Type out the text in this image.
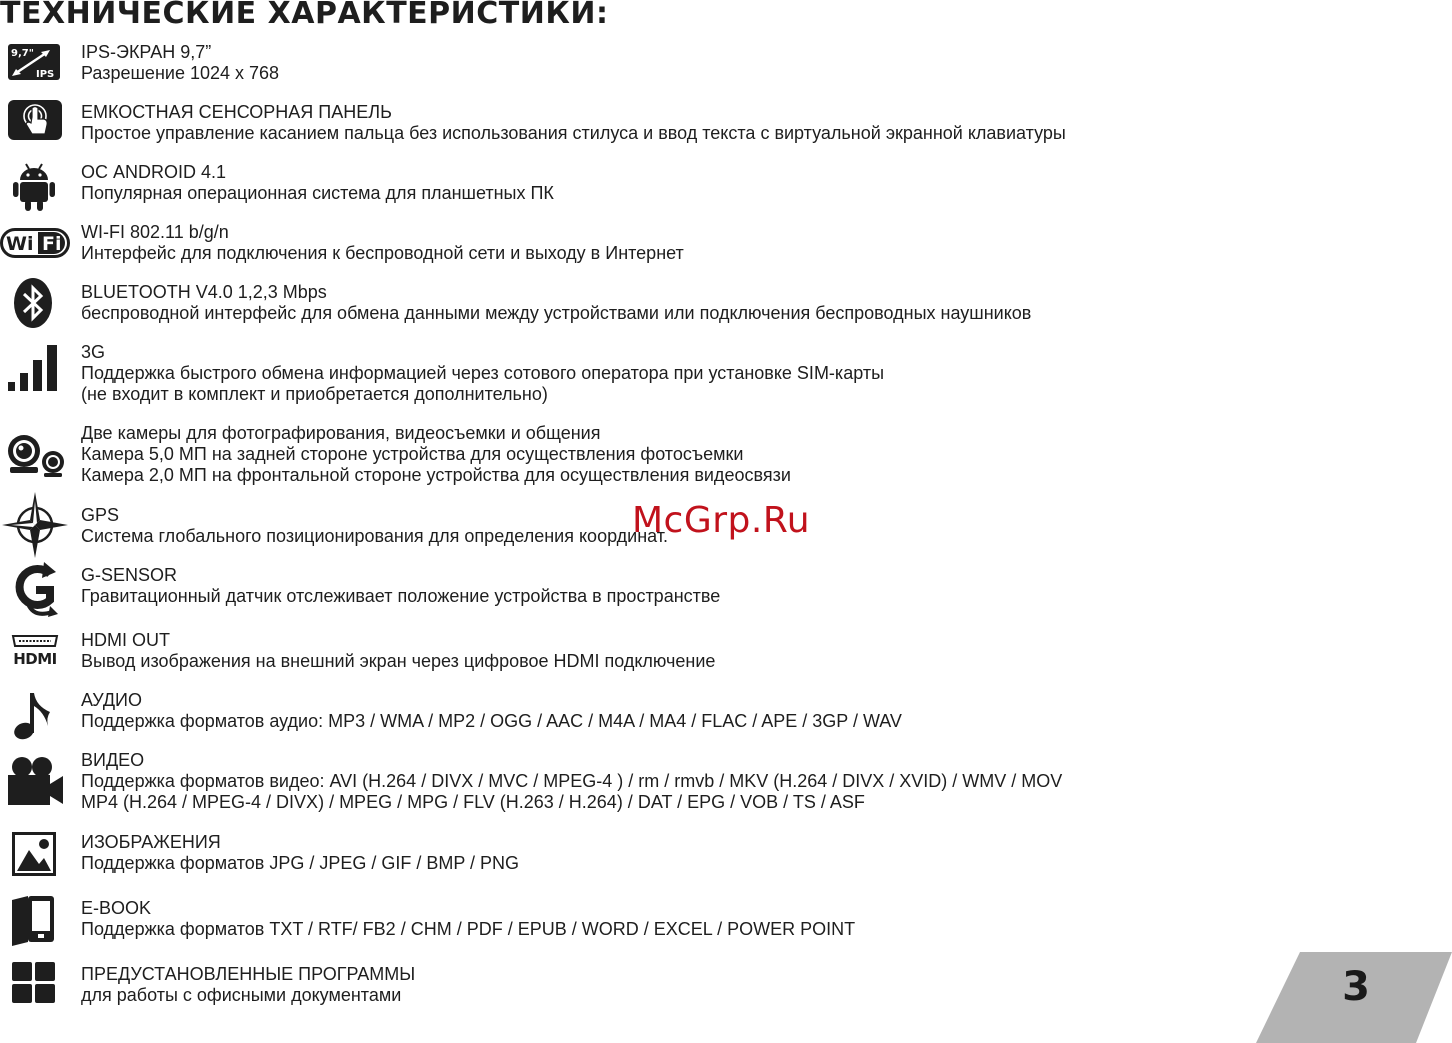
ТЕХНИЧЕСКИЕ ХАРАКТЕРИСТИКИ:
9,7"
IPS
IPS-ЭКРАН 9,7”
Разрешение 1024 х 768
ЕМКОСТНАЯ СЕНСОРНАЯ ПАНЕЛЬ
Простое управление касанием пальца без использования стилуса и ввод текста с виртуальной экранной клавиатуры
ОС ANDROID 4.1
Популярная операционная система для планшетных ПК
Wi Fi
WI-FI 802.11 b/g/n
Интерфейс для подключения к беспроводной сети и выходу в Интернет
BLUETOOTH V4.0 1,2,3 Mbps
беспроводной интерфейс для обмена данными между устройствами или подключения беспроводных наушников
3G
Поддержка быстрого обмена информацией через сотового оператора при установке SIM-карты
(не входит в комплект и приобретается дополнительно)
Две камеры для фотографирования, видеосъемки и общения
Камера 5,0 МП на задней стороне устройства для осуществления фотосъемки
Камера 2,0 МП на фронтальной стороне устройства для осуществления видеосвязи
GPS
Система глобального позиционирования для определения координат.
G-SENSOR
Гравитационный датчик отслеживает положение устройства в пространстве
HDMI
HDMI OUT
Вывод изображения на внешний экран через цифровое HDMI подключение
АУДИО
Поддержка форматов аудио: MP3 / WMA / MP2 / OGG / AAC / M4A / MA4 / FLAC / APE / 3GP / WAV
ВИДЕО
Поддержка форматов видео: AVI (H.264 / DIVX / MVC / MPEG-4 ) / rm / rmvb / MKV (H.264 / DIVX / XVID) / WMV / MOV
MP4 (H.264 / MPEG-4 / DIVX) / MPEG / MPG / FLV (H.263 / H.264) / DAT / EPG / VOB / TS / ASF
ИЗОБРАЖЕНИЯ
Поддержка форматов JPG / JPEG / GIF / BMP / PNG
E-BOOK
Поддержка форматов TXT / RTF/ FB2 / CHM / PDF / EPUB / WORD / EXCEL / POWER POINT
ПРЕДУСТАНОВЛЕННЫЕ ПРОГРАММЫ
для работы с офисными документами
McGrp.Ru
3
